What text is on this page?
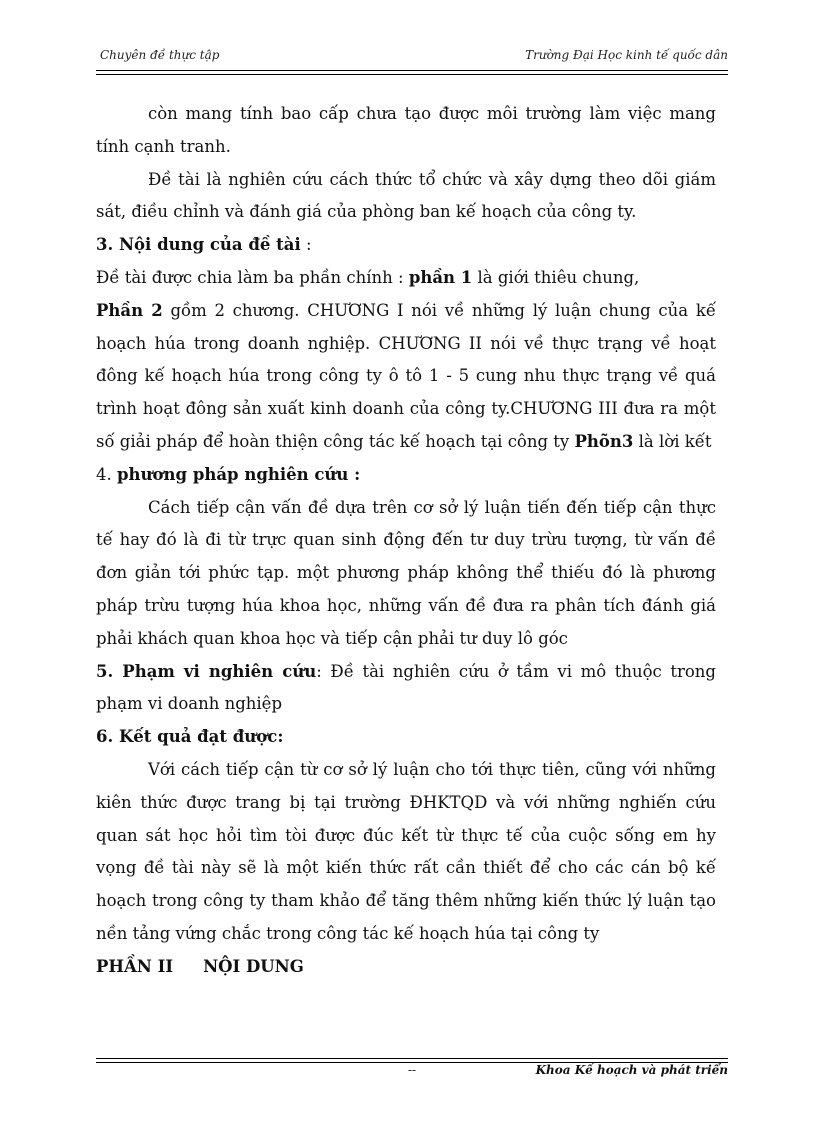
Chuyên đề thực tập	Trường Đại Học kinh tế quốc dân

còn mang tính bao cấp chưa tạo được môi trường làm việc mang tính cạnh tranh.

Đề tài là nghiên cứu cách thức tổ chức và xây dựng theo dõi giám sát, điều chỉnh và đánh giá của phòng ban kế hoạch của công ty.

3. Nội dung của đề tài :

Đề tài được chia làm ba phần chính : phần 1 là giới thiêu chung,

Phần 2 gồm 2 chương. CHƯƠNG I nói về những lý luận chung của kế hoạch húa trong doanh nghiệp. CHƯƠNG II nói về thực trạng về hoạt đông kế hoạch húa trong công ty ô tô 1 - 5 cung nhu thực trạng về quá trình hoạt đông sản xuất kinh doanh của công ty.CHƯƠNG III đưa ra một số giải pháp để hoàn thiện công tác kế hoạch tại công ty Phõn3 là lời kết

4. phương pháp nghiên cứu :

Cách tiếp cận vấn đề dựa trên cơ sở lý luận tiến đến tiếp cận thực tế hay đó là đi từ trực quan sinh động đến tư duy trừu tượng, từ vấn đề đơn giản tới phức tạp. một phương pháp không thể thiếu đó là phương pháp trừu tượng húa khoa học, những vấn đề đưa ra phân tích đánh giá phải khách quan khoa học và tiếp cận phải tư duy lô góc

5. Phạm vi nghiên cứu: Đề tài nghiên cứu ở tầm vi mô thuộc trong phạm vi doanh nghiệp

6. Kết quả đạt được:

Với cách tiếp cận từ cơ sở lý luận cho tới thực tiên, cũng với những kiên thức được trang bị tại trường ĐHKTQD và với những nghiến cứu quan sát học hỏi tìm tòi được đúc kết từ thực tế của cuộc sống em hy vọng đề tài này sẽ là một kiến thức rất cần thiết để cho các cán bộ kế hoạch trong công ty tham khảo để tăng thêm những kiến thức lý luận tạo nền tảng vứng chắc trong công tác kế hoạch húa tại công ty

PHẦN II NỘI DUNG

--	Khoa Kế hoạch và phát triển
